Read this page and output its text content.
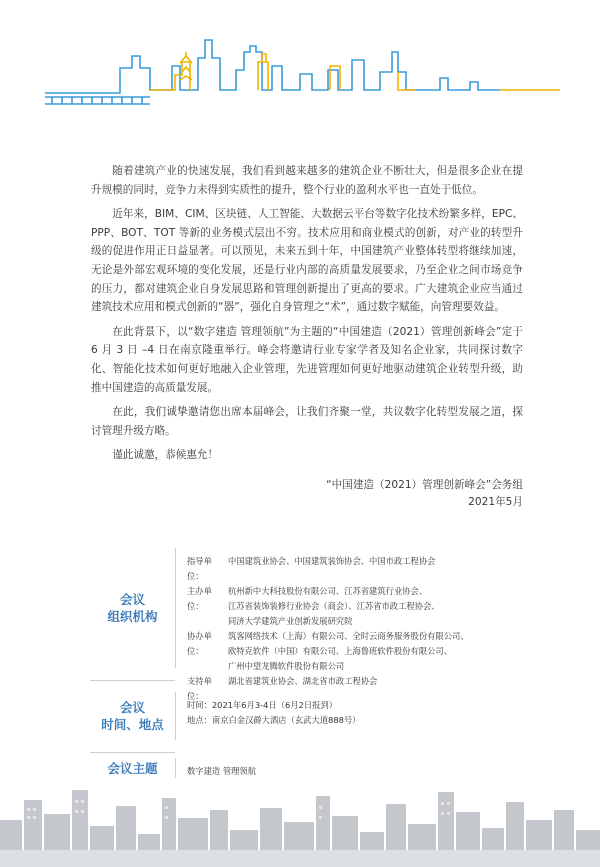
随着建筑产业的快速发展，我们看到越来越多的建筑企业不断壮大，但是很多企业在提升规模的同时，竞争力未得到实质性的提升，整个行业的盈利水平也一直处于低位。

近年来，BIM、CIM、区块链、人工智能、大数据云平台等数字化技术纷繁多样，EPC、PPP、BOT、TOT 等新的业务模式层出不穷。技术应用和商业模式的创新，对产业的转型升级的促进作用正日益显著。可以预见，未来五到十年，中国建筑产业整体转型将继续加速，无论是外部宏观环境的变化发展，还是行业内部的高质量发展要求，乃至企业之间市场竞争的压力，都对建筑企业自身发展思路和管理创新提出了更高的要求。广大建筑企业应当通过建筑技术应用和模式创新的“器”，强化自身管理之“术”，通过数字赋能，向管理要效益。

在此背景下，以“数字建造 管理领航”为主题的“中国建造（2021）管理创新峰会”定于 6 月 3 日 –4 日在南京隆重举行。峰会将邀请行业专家学者及知名企业家，共同探讨数字化、智能化技术如何更好地融入企业管理，先进管理如何更好地驱动建筑企业转型升级，助推中国建造的高质量发展。

在此，我们诚挚邀请您出席本届峰会，让我们齐聚一堂，共议数字化转型发展之道，探讨管理升级方略。

谨此诚邀，恭候惠允！

“中国建造（2021）管理创新峰会”会务组
2021年5月
会议
组织机构
指导单位：
中国建筑业协会、中国建筑装饰协会、中国市政工程协会
主办单位：
杭州新中大科技股份有限公司、江苏省建筑行业协会、
江苏省装饰装修行业协会（商会）、江苏省市政工程协会、
同济大学建筑产业创新发展研究院
协办单位：
筑客网络技术（上海）有限公司、全时云商务服务股份有限公司、
欧特克软件（中国）有限公司、上海鲁班软件股份有限公司、
广州中望龙腾软件股份有限公司
支持单位：
湖北省建筑业协会、湖北省市政工程协会
会议
时间、地点
时间：2021年6月3-4日（6月2日报到）
地点：南京白金汉爵大酒店（玄武大道888号）
会议主题	数字建造 管理领航
